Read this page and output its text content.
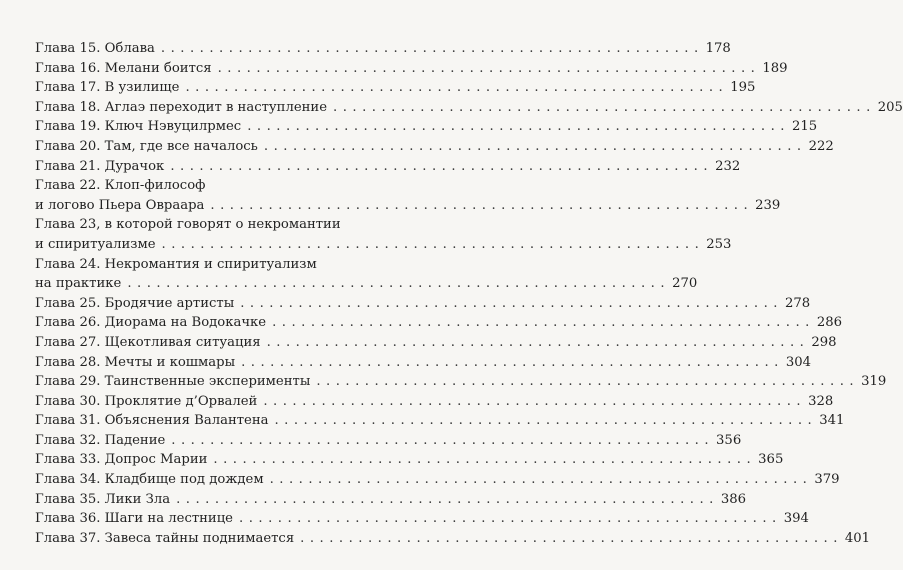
Глава 15. Облава ........................................................ 178
Глава 16. Мелани боится ........................................................ 189
Глава 17. В узилище ........................................................ 195
Глава 18. Аглаэ переходит в наступление ........................................................ 205
Глава 19. Ключ Нэвуцилрмес ........................................................ 215
Глава 20. Там, где все началось ........................................................ 222
Глава 21. Дурачок ........................................................ 232
Глава 22. Клоп-философ
и логово Пьера Овраара ........................................................ 239
Глава 23, в которой говорят о некромантии
и спиритуализме ........................................................ 253
Глава 24. Некромантия и спиритуализм
на практике ........................................................ 270
Глава 25. Бродячие артисты ........................................................ 278
Глава 26. Диорама на Водокачке ........................................................ 286
Глава 27. Щекотливая ситуация ........................................................ 298
Глава 28. Мечты и кошмары ........................................................ 304
Глава 29. Таинственные эксперименты ........................................................ 319
Глава 30. Проклятие д’Орвалей ........................................................ 328
Глава 31. Объяснения Валантена ........................................................ 341
Глава 32. Падение ........................................................ 356
Глава 33. Допрос Марии ........................................................ 365
Глава 34. Кладбище под дождем ........................................................ 379
Глава 35. Лики Зла ........................................................ 386
Глава 36. Шаги на лестнице ........................................................ 394
Глава 37. Завеса тайны поднимается ........................................................ 401
